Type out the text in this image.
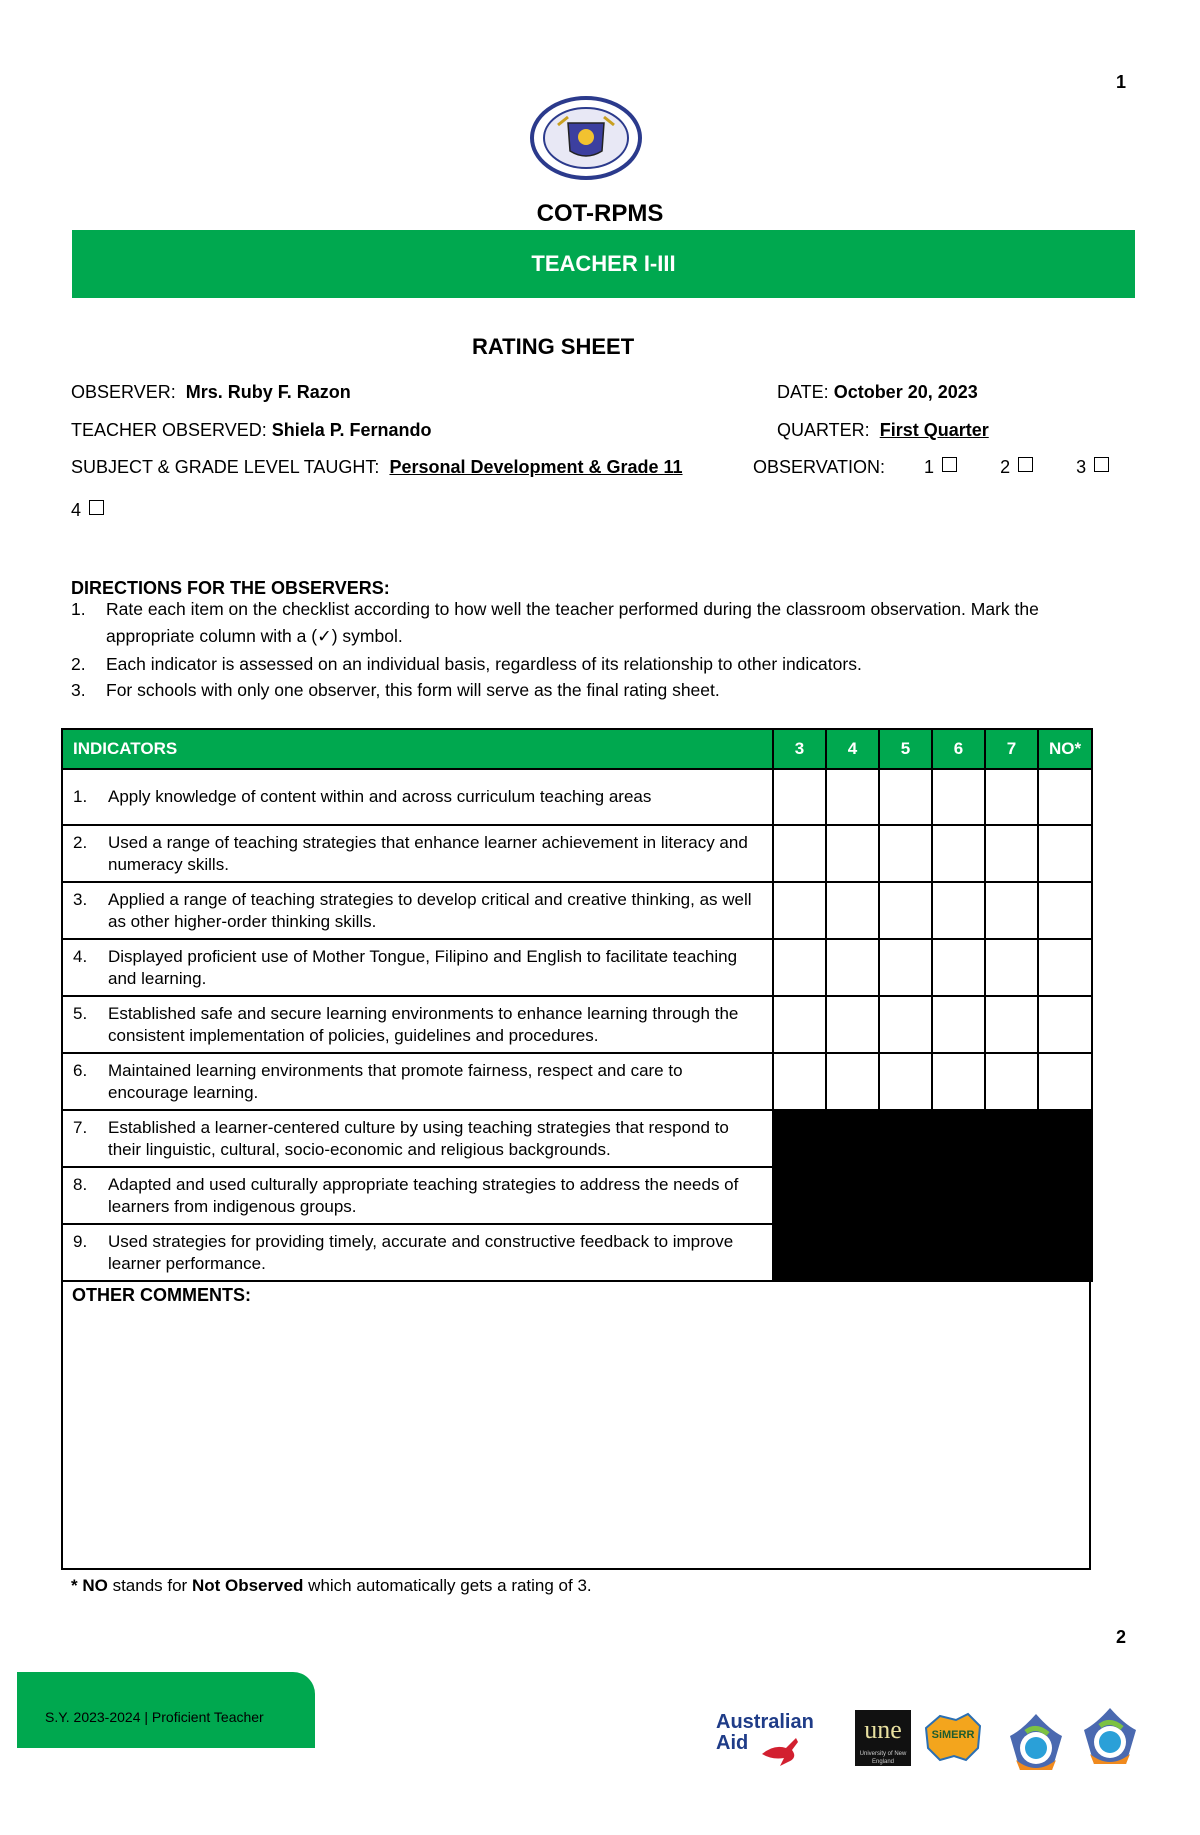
1
COT-RPMS
TEACHER I-III
RATING SHEET
OBSERVER: Mrs. Ruby F. Razon	DATE: October 20, 2023
TEACHER OBSERVED: Shiela P. Fernando	QUARTER: First Quarter
SUBJECT & GRADE LEVEL TAUGHT: Personal Development & Grade 11	OBSERVATION: 1	2	3
4
DIRECTIONS FOR THE OBSERVERS:
1. Rate each item on the checklist according to how well the teacher performed during the classroom observation. Mark the
appropriate column with a (✓) symbol.
2. Each indicator is assessed on an individual basis, regardless of its relationship to other indicators.
3. For schools with only one observer, this form will serve as the final rating sheet.
INDICATORS	3	4	5	6	7	NO*

1. Apply knowledge of content within and across curriculum teaching areas						

2. Used a range of teaching strategies that enhance learner achievement in literacy and numeracy skills.						

3. Applied a range of teaching strategies to develop critical and creative thinking, as well as other higher-order thinking skills.						

4. Displayed proficient use of Mother Tongue, Filipino and English to facilitate teaching and learning.						

5. Established safe and secure learning environments to enhance learning through the consistent implementation of policies, guidelines and procedures.						

6. Maintained learning environments that promote fairness, respect and care to encourage learning.						

7. Established a learner-centered culture by using teaching strategies that respond to their linguistic, cultural, socio-economic and religious backgrounds.						

8. Adapted and used culturally appropriate teaching strategies to address the needs of learners from indigenous groups.						

9. Used strategies for providing timely, accurate and constructive feedback to improve learner performance.						
OTHER COMMENTS:
* NO stands for Not Observed which automatically gets a rating of 3.
2
S.Y. 2023-2024 | Proficient Teacher	Australian
Aid	une
University of New England
SiMERR
